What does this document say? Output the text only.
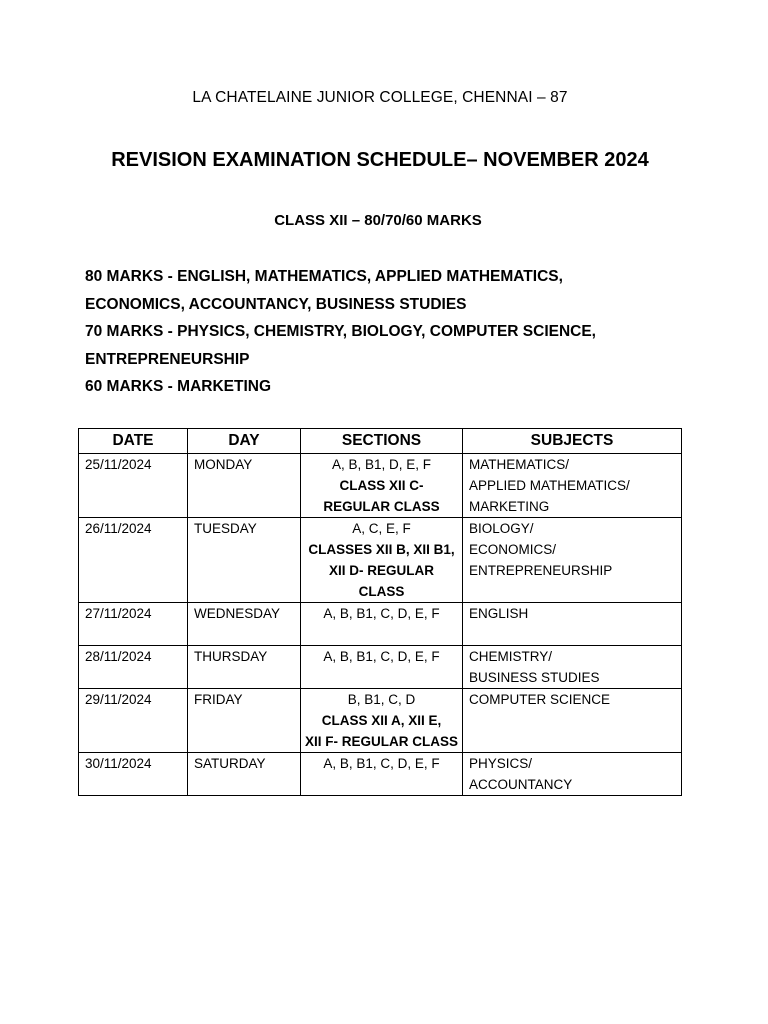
LA CHATELAINE JUNIOR COLLEGE, CHENNAI – 87
REVISION EXAMINATION SCHEDULE– NOVEMBER 2024
CLASS XII – 80/70/60 MARKS
80 MARKS - ENGLISH, MATHEMATICS, APPLIED MATHEMATICS,
ECONOMICS, ACCOUNTANCY, BUSINESS STUDIES
70 MARKS - PHYSICS, CHEMISTRY, BIOLOGY, COMPUTER SCIENCE,
ENTREPRENEURSHIP
60 MARKS - MARKETING
DATE	DAY	SECTIONS	SUBJECTS
25/11/2024	MONDAY	A, B, B1, D, E, F
CLASS XII C-
REGULAR CLASS	MATHEMATICS/
APPLIED MATHEMATICS/
MARKETING

26/11/2024	TUESDAY	A, C, E, F
CLASSES XII B, XII B1,
XII D- REGULAR
CLASS	BIOLOGY/
ECONOMICS/
ENTREPRENEURSHIP

27/11/2024	WEDNESDAY	A, B, B1, C, D, E, F	ENGLISH

28/11/2024	THURSDAY	A, B, B1, C, D, E, F	CHEMISTRY/
BUSINESS STUDIES

29/11/2024	FRIDAY	B, B1, C, D
CLASS XII A, XII E,
XII F- REGULAR CLASS	COMPUTER SCIENCE

30/11/2024	SATURDAY	A, B, B1, C, D, E, F	PHYSICS/
ACCOUNTANCY
